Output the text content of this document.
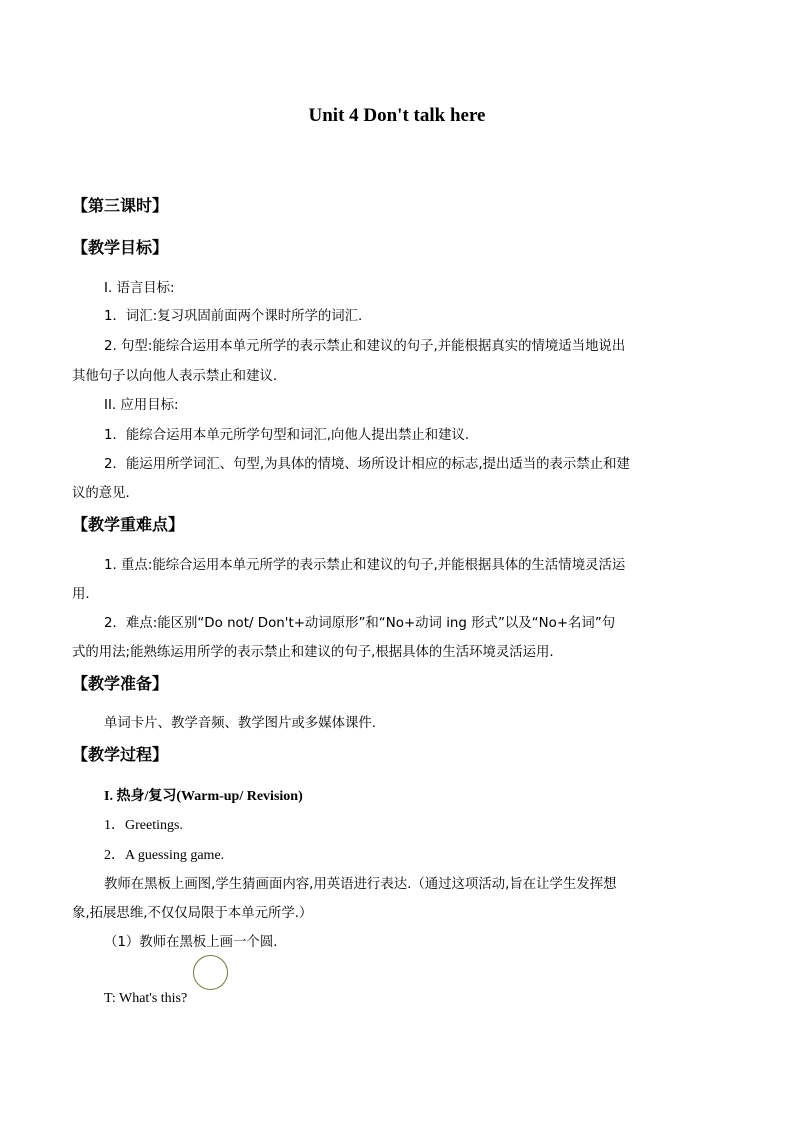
Unit 4 Don't talk here
【第三课时】
【教学目标】
I. 语言目标:
1．词汇:复习巩固前面两个课时所学的词汇.
2. 句型:能综合运用本单元所学的表示禁止和建议的句子,并能根据真实的情境适当地说出
其他句子以向他人表示禁止和建议.
II. 应用目标:
1．能综合运用本单元所学句型和词汇,向他人提出禁止和建议.
2．能运用所学词汇、句型,为具体的情境、场所设计相应的标志,提出适当的表示禁止和建
议的意见.
【教学重难点】
1. 重点:能综合运用本单元所学的表示禁止和建议的句子,并能根据具体的生活情境灵活运
用.
2．难点:能区别“Do not/ Don't+动词原形”和“No+动词 ing 形式”以及“No+名词”句
式的用法;能熟练运用所学的表示禁止和建议的句子,根据具体的生活环境灵活运用.
【教学准备】
单词卡片、教学音频、教学图片或多媒体课件.
【教学过程】
I. 热身/复习(Warm-up/ Revision)
1．Greetings.
2．A guessing game.
教师在黑板上画图,学生猜画面内容,用英语进行表达.（通过这项活动,旨在让学生发挥想
象,拓展思维,不仅仅局限于本单元所学.）
（1）教师在黑板上画一个圆.
T: What's this?
